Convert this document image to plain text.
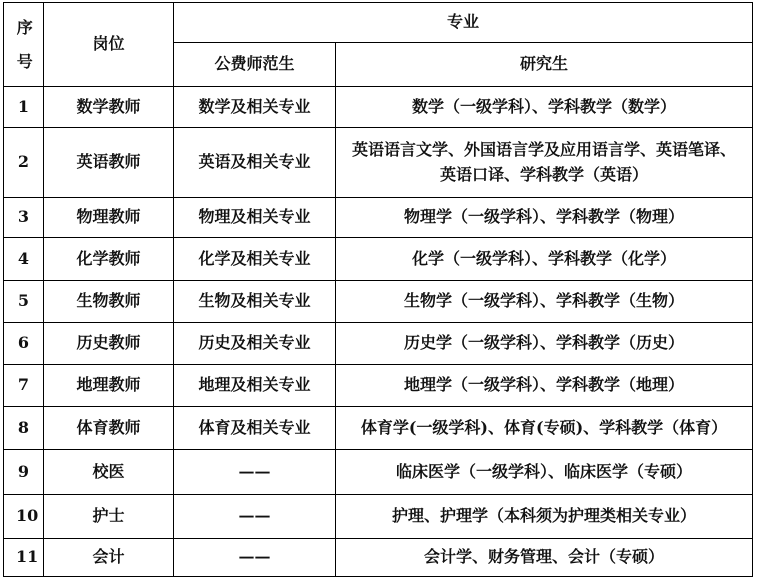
序号	岗位	专业	
		公费师范生	研究生
1	数学教师	数学及相关专业	数学（一级学科）、学科教学（数学）
2	英语教师	英语及相关专业	英语语言文学、外国语言学及应用语言学、英语笔译、英语口译、学科教学（英语）
3	物理教师	物理及相关专业	物理学（一级学科）、学科教学（物理）
4	化学教师	化学及相关专业	化学（一级学科）、学科教学（化学）
5	生物教师	生物及相关专业	生物学（一级学科）、学科教学（生物）
6	历史教师	历史及相关专业	历史学（一级学科）、学科教学（历史）
7	地理教师	地理及相关专业	地理学（一级学科）、学科教学（地理）
8	体育教师	体育及相关专业	体育学(一级学科)、体育(专硕)、学科教学（体育）
9	校医	——	临床医学（一级学科）、临床医学（专硕）
10	护士	——	护理、护理学（本科须为护理类相关专业）
11	会计	——	会计学、财务管理、会计（专硕）
